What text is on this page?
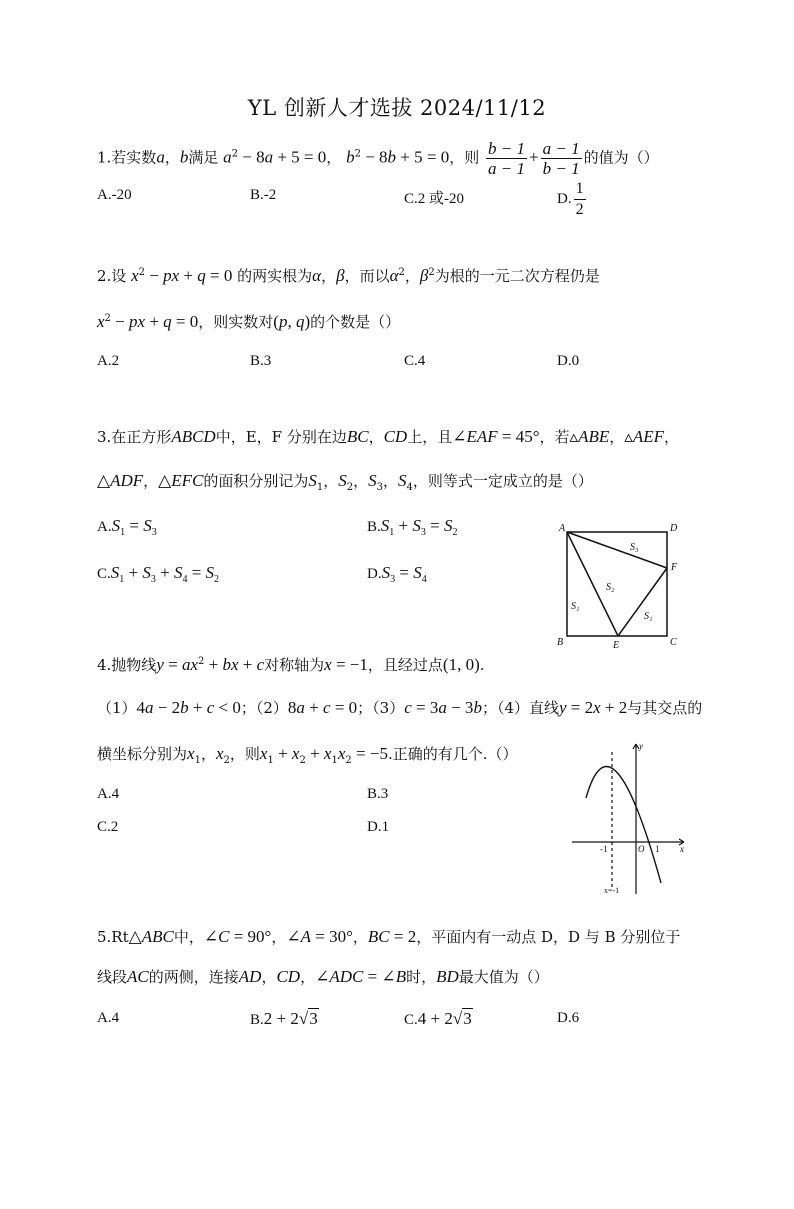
YL 创新人才选拔 2024/11/12
1.若实数a，b满足 $a^2 - 8a + 5 = 0$， $b^2 - 8b + 5 = 0$，则 $\frac{b - 1}{a - 1} + \frac{a - 1}{b - 1}$ 的值为（）
A.-20	B.-2	C.2 或-20	D. $\frac{1}{2}$
2.设 $x^2$ − px + q = 0 的两实根为α，β，而以$\alpha^2$，$\beta^2$为根的一元二次方程仍是
$x^2$ − px + q = 0，则实数对(p, q)的个数是（）
A.2	B.3	C.4	D.0
3.在正方形ABCD中，E，F 分别在边BC，CD上，且∠EAF = 45°，若▵ABE，▵AEF，
△ADF，△EFC的面积分别记为$S_1$，$S_2$，$S_3$，$S_4$，则等式一定成立的是（）
$A.S_1 = S_3$	$B.S_1 + S_3 = S_2$
$C.S_1 + S_3 + S_4 = S_2$	$D.S_3 = S_4$
A	D
F
B	E	C
S₃
S₂
S₁
S₁
4.抛物线$y = ax^2$ + bx + c对称轴为x = −1，且经过点(1, 0).
（1）4a − 2b + c < 0；（2）8a + c = 0；（3）c = 3a − 3b；（4）直线y = 2x + 2与其交点的
横坐标分别为$x_1$，$x_2$，则$x_1 + x_2 + x_1x_2 = -5$.正确的有几个.（）
A.4	B.3
C.2	D.1
y
x
O
-1	1
x=-1
5.Rt△ABC中，∠C = 90°，∠A = 30°，BC = 2，平面内有一动点 D，D 与 B 分别位于
线段AC的两侧，连接AD，CD，∠ADC = ∠B时，BD最大值为（）
A.4	B.2 + 2√3	C.4 + 2√3	D.6
